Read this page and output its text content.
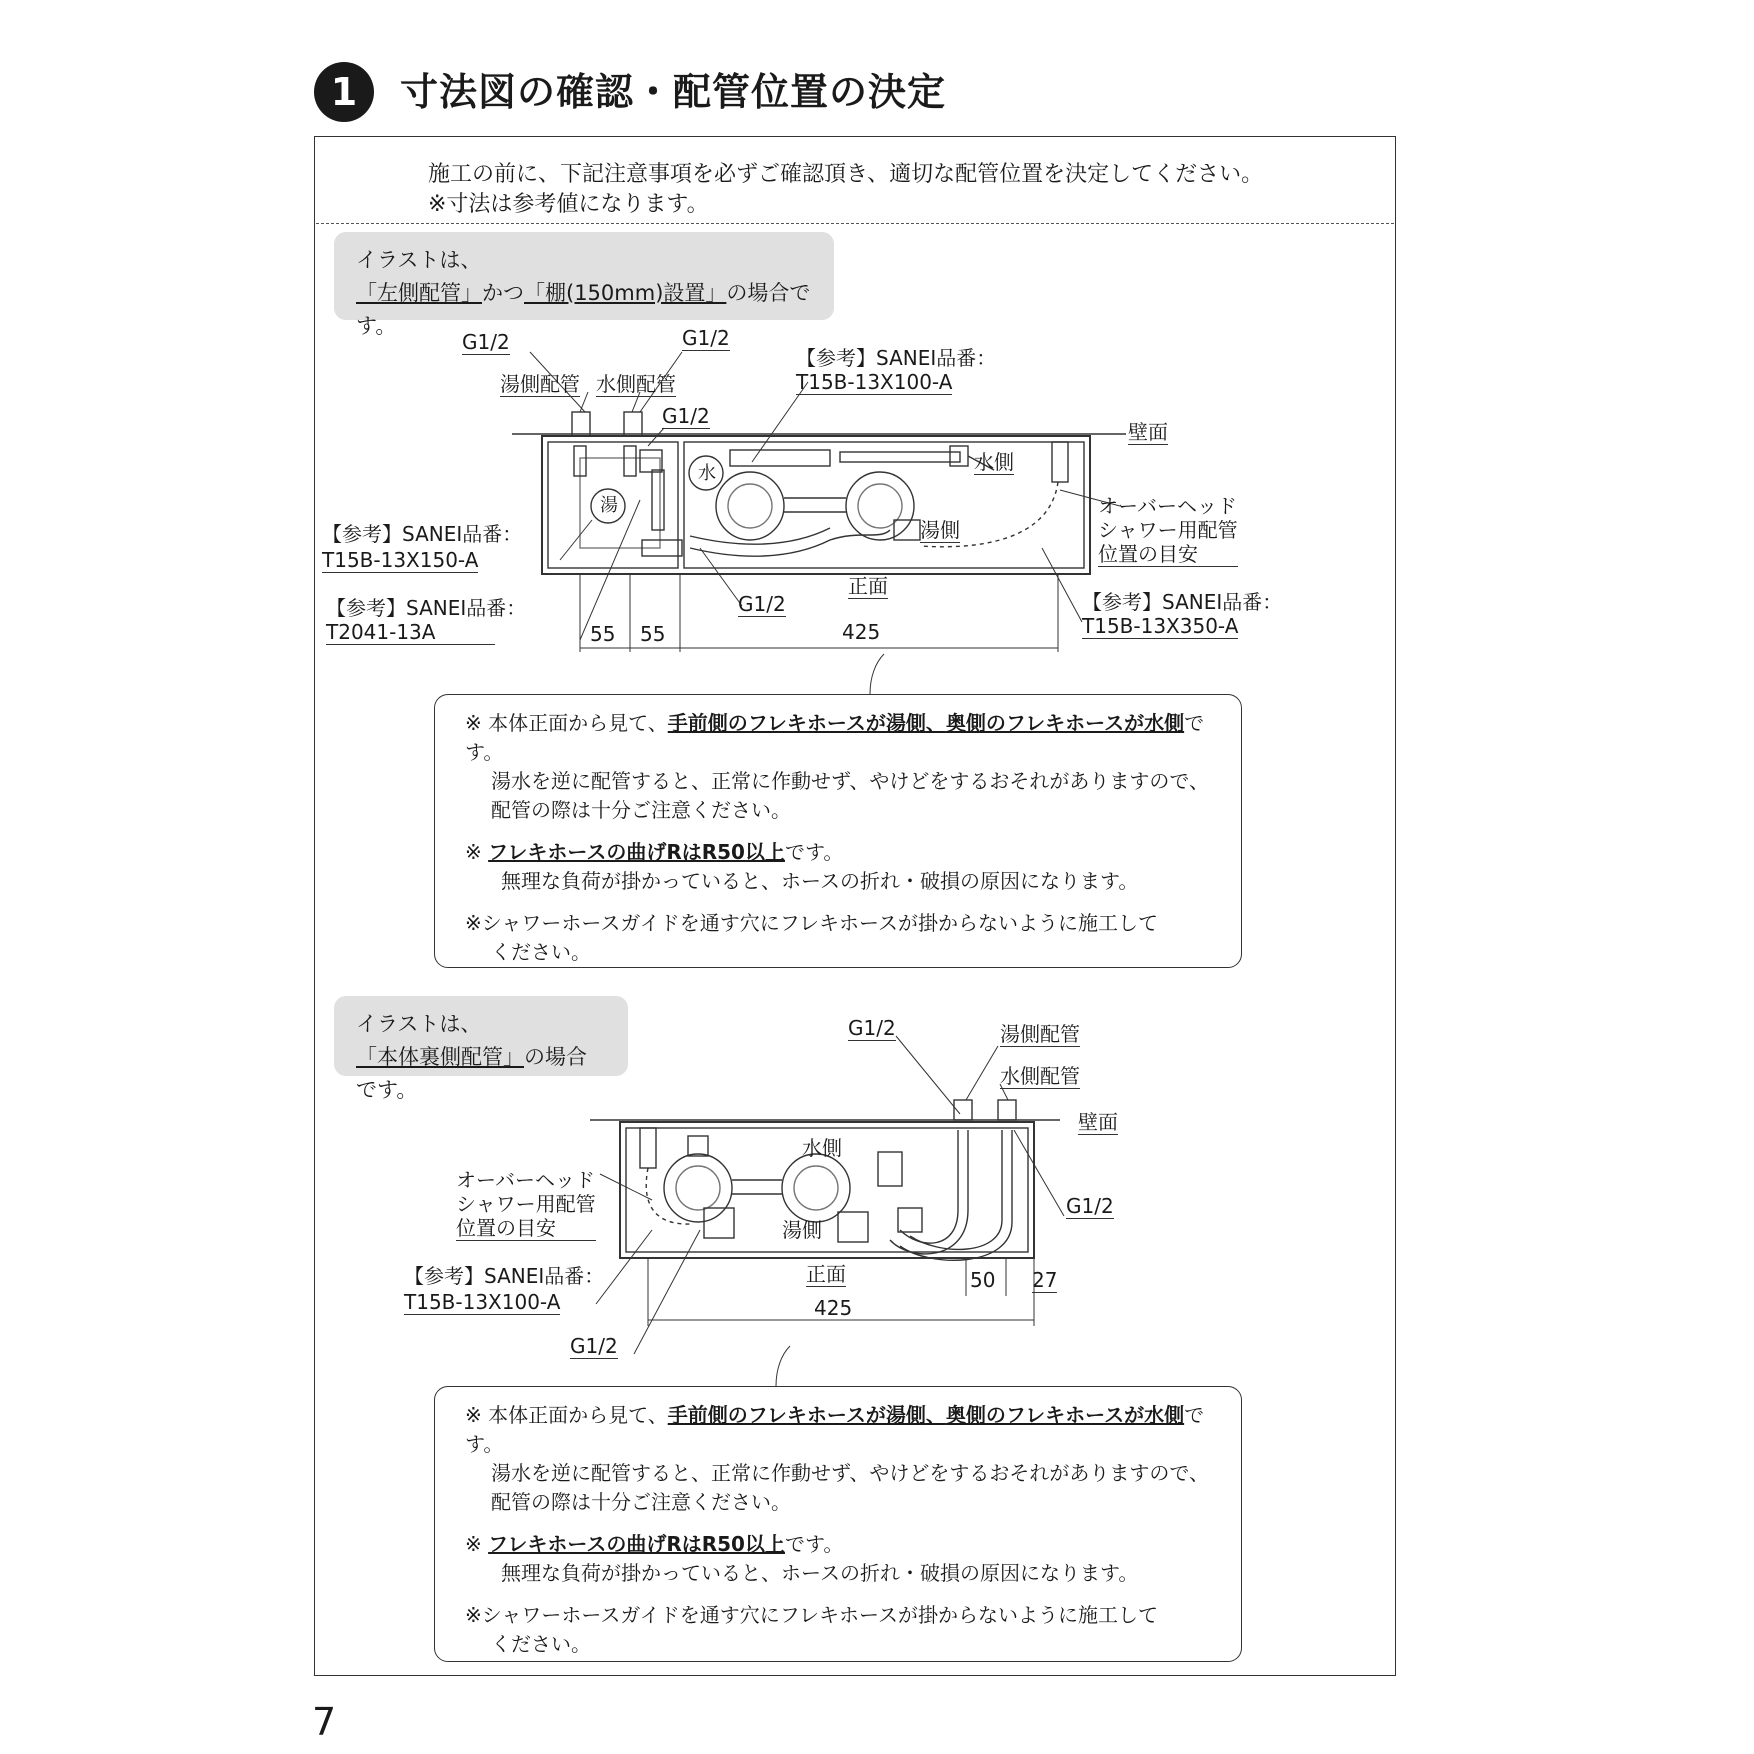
1	寸法図の確認・配管位置の決定
施工の前に、下記注意事項を必ずご確認頂き、適切な配管位置を決定してください。
※寸法は参考値になります。
イラストは、
「左側配管」かつ「棚(150mm)設置」の場合です。
G1/2	G1/2
湯側配管 水側配管
G1/2
【参考】SANEI品番：
T15B-13X100-A
壁面
水側
湯側
水
湯	オーバーヘッド
シャワー用配管
位置の目安
【参考】SANEI品番：
T15B-13X150-A
【参考】SANEI品番：
T2041-13A
G1/2
正面
【参考】SANEI品番：
T15B-13X350-A
55 55	425

※ 本体正面から見て、手前側のフレキホースが湯側、奥側のフレキホースが水側です。
湯水を逆に配管すると、正常に作動せず、やけどをするおそれがありますので、
配管の際は十分ご注意ください。

※ フレキホースの曲げRはR50以上です。
無理な負荷が掛かっていると、ホースの折れ・破損の原因になります。

※シャワーホースガイドを通す穴にフレキホースが掛からないように施工して
ください。

イラストは、
「本体裏側配管」の場合です。
G1/2	湯側配管
水側配管
壁面
水側
湯側
オーバーヘッド
シャワー用配管
位置の目安
G1/2
【参考】SANEI品番：
T15B-13X100-A
正面	50 27
425
G1/2

※ 本体正面から見て、手前側のフレキホースが湯側、奥側のフレキホースが水側です。
湯水を逆に配管すると、正常に作動せず、やけどをするおそれがありますので、
配管の際は十分ご注意ください。

※ フレキホースの曲げRはR50以上です。
無理な負荷が掛かっていると、ホースの折れ・破損の原因になります。

※シャワーホースガイドを通す穴にフレキホースが掛からないように施工して
ください。

7
